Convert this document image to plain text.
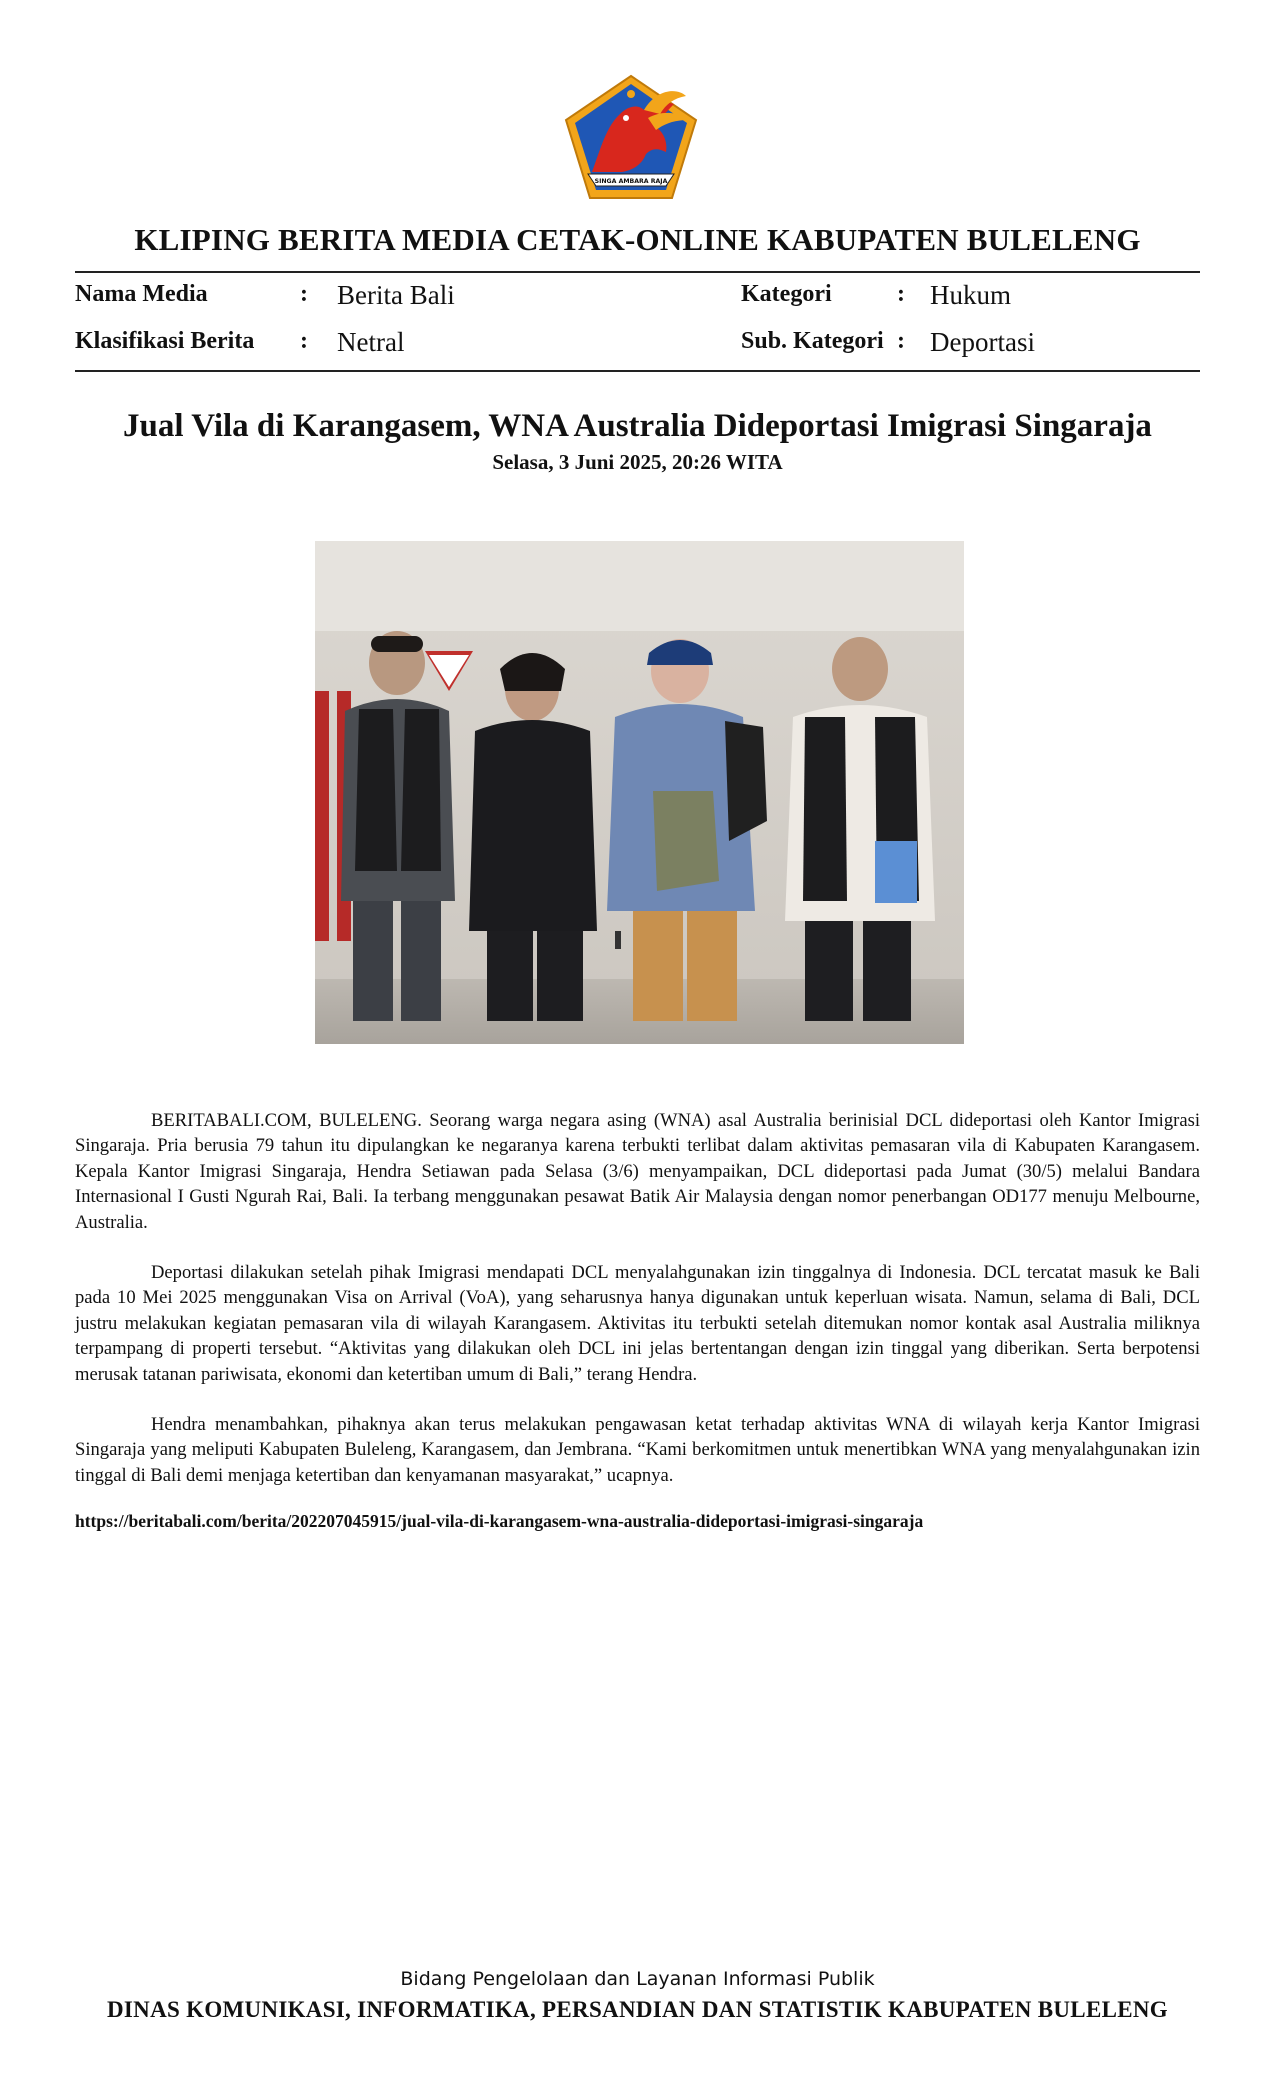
SINGA AMBARA RAJA
KLIPING BERITA MEDIA CETAK-ONLINE KABUPATEN BULELENG
Nama Media	: Berita Bali
Klasifikasi Berita : Netral
Kategori	: Hukum
Sub. Kategori : Deportasi
Jual Vila di Karangasem, WNA Australia Dideportasi Imigrasi Singaraja
Selasa, 3 Juni 2025, 20:26 WITA

BERITABALI.COM, BULELENG. Seorang warga negara asing (WNA) asal Australia berinisial DCL dideportasi oleh Kantor Imigrasi Singaraja. Pria berusia 79 tahun itu dipulangkan ke negaranya karena terbukti terlibat dalam aktivitas pemasaran vila di Kabupaten Karangasem. Kepala Kantor Imigrasi Singaraja, Hendra Setiawan pada Selasa (3/6) menyampaikan, DCL dideportasi pada Jumat (30/5) melalui Bandara Internasional I Gusti Ngurah Rai, Bali. Ia terbang menggunakan pesawat Batik Air Malaysia dengan nomor penerbangan OD177 menuju Melbourne, Australia.

Deportasi dilakukan setelah pihak Imigrasi mendapati DCL menyalahgunakan izin tinggalnya di Indonesia. DCL tercatat masuk ke Bali pada 10 Mei 2025 menggunakan Visa on Arrival (VoA), yang seharusnya hanya digunakan untuk keperluan wisata. Namun, selama di Bali, DCL justru melakukan kegiatan pemasaran vila di wilayah Karangasem. Aktivitas itu terbukti setelah ditemukan nomor kontak asal Australia miliknya terpampang di properti tersebut. “Aktivitas yang dilakukan oleh DCL ini jelas bertentangan dengan izin tinggal yang diberikan. Serta berpotensi merusak tatanan pariwisata, ekonomi dan ketertiban umum di Bali,” terang Hendra.

Hendra menambahkan, pihaknya akan terus melakukan pengawasan ketat terhadap aktivitas WNA di wilayah kerja Kantor Imigrasi Singaraja yang meliputi Kabupaten Buleleng, Karangasem, dan Jembrana. “Kami berkomitmen untuk menertibkan WNA yang menyalahgunakan izin tinggal di Bali demi menjaga ketertiban dan kenyamanan masyarakat,” ucapnya.

https://beritabali.com/berita/202207045915/jual-vila-di-karangasem-wna-australia-dideportasi-imigrasi-singaraja
Bidang Pengelolaan dan Layanan Informasi Publik
DINAS KOMUNIKASI, INFORMATIKA, PERSANDIAN DAN STATISTIK KABUPATEN BULELENG
